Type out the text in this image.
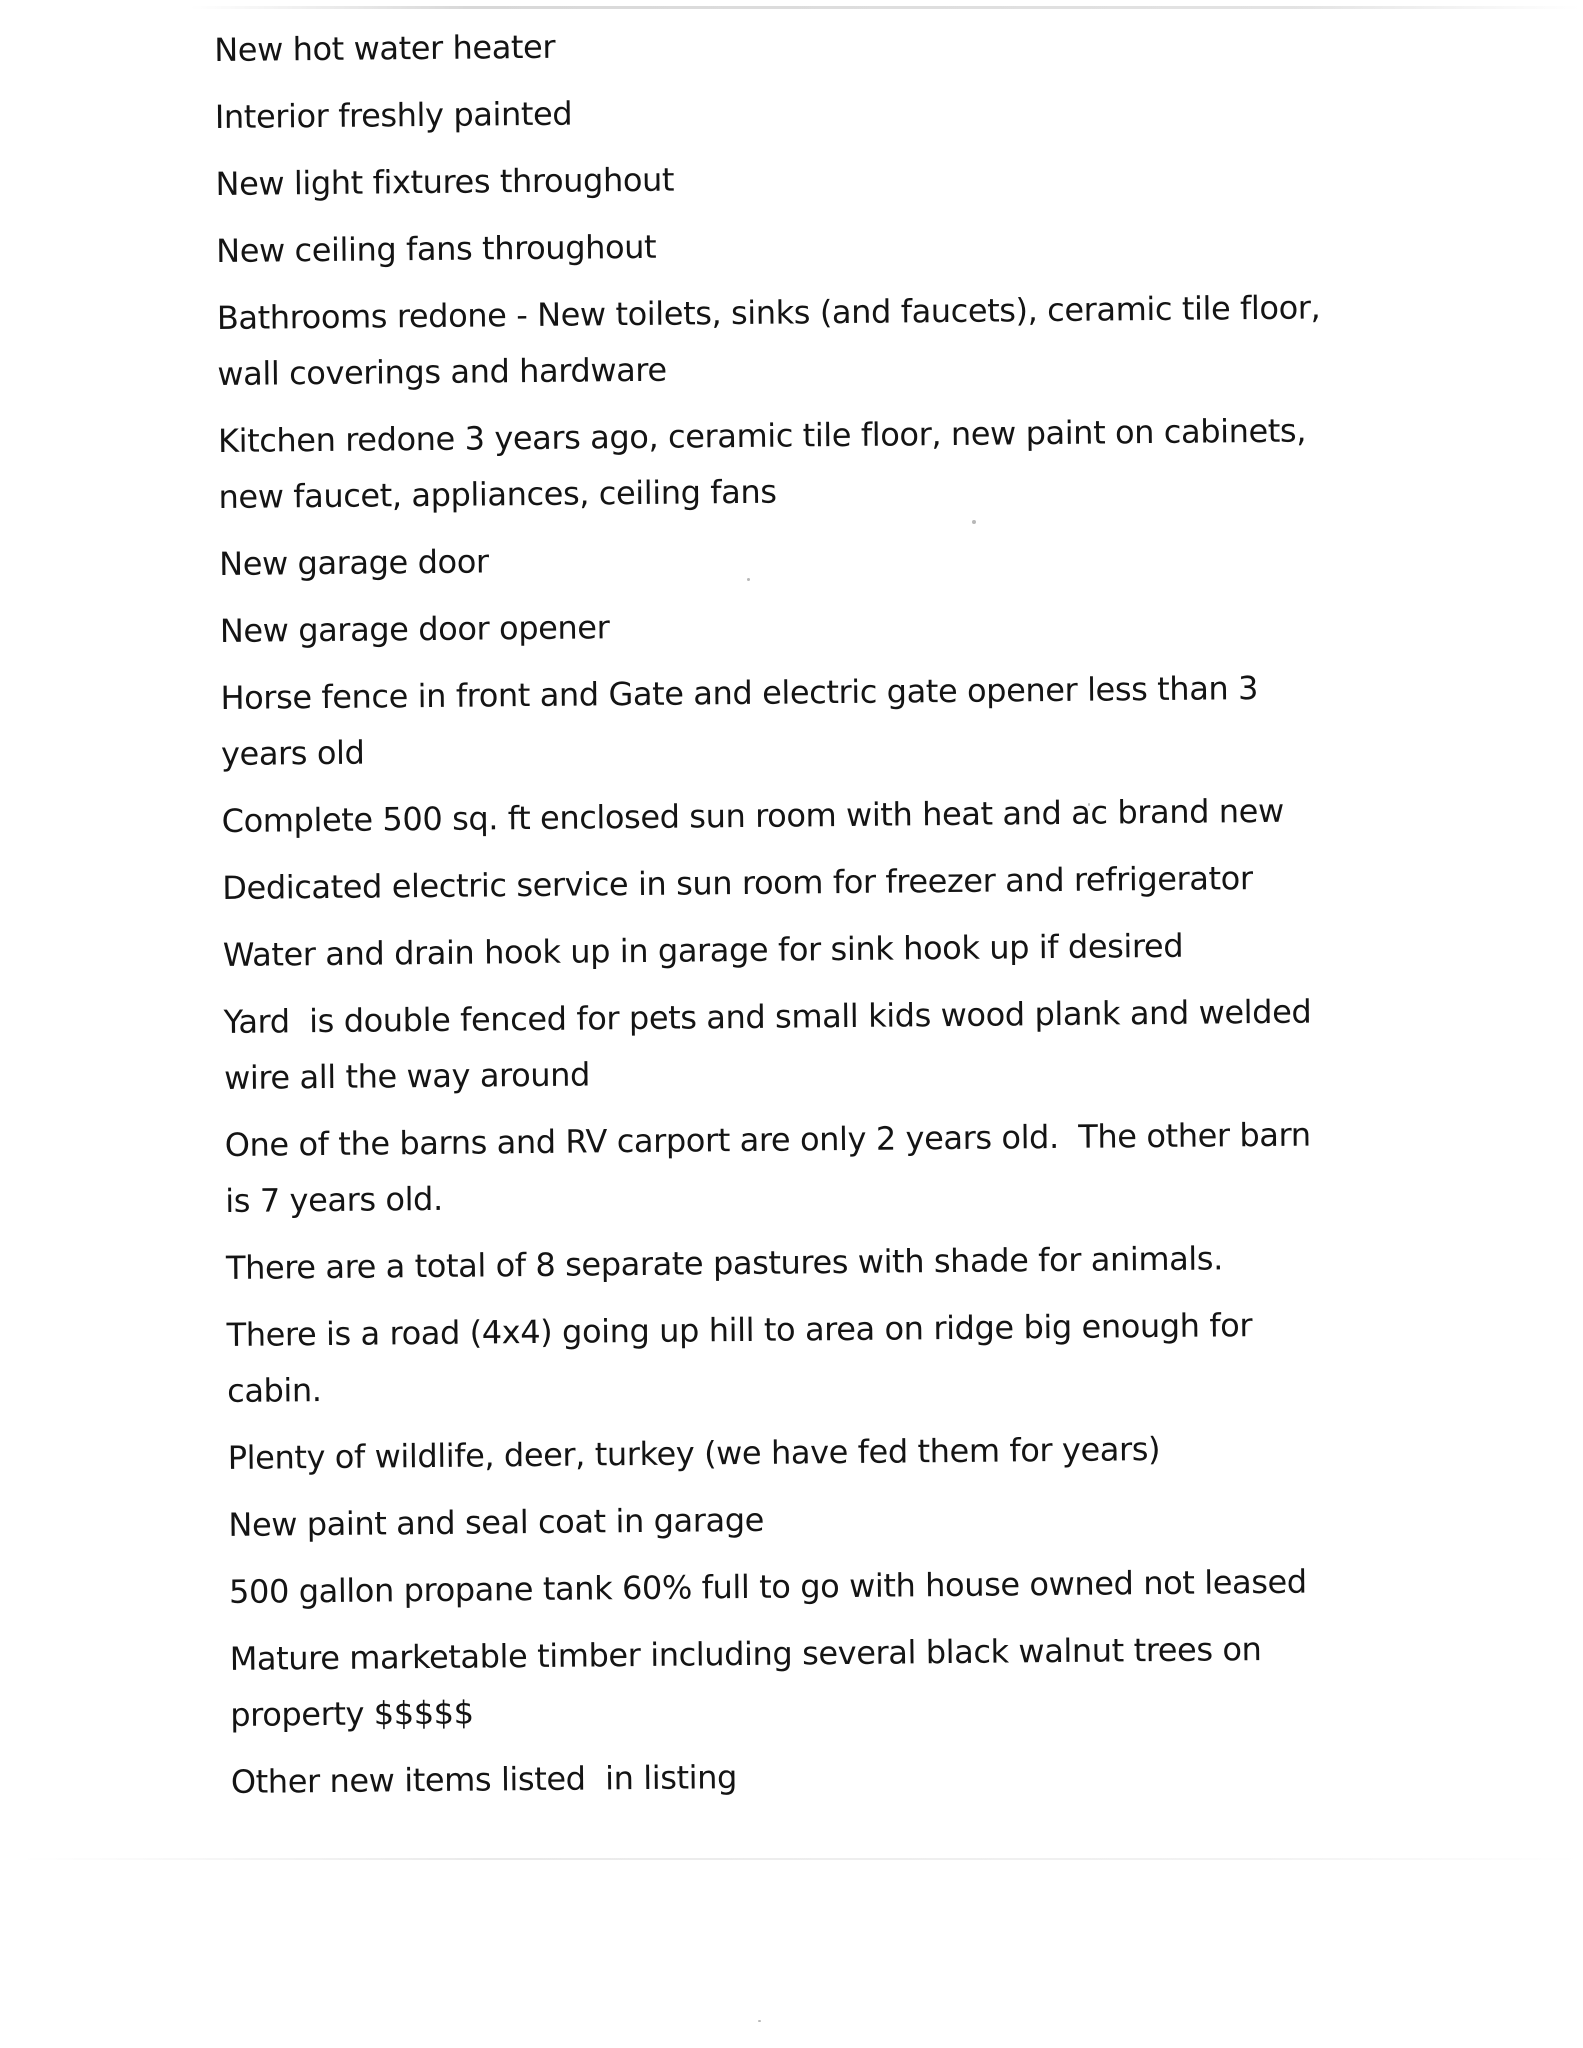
New hot water heater
Interior freshly painted
New light fixtures throughout
New ceiling fans throughout
Bathrooms redone - New toilets, sinks (and faucets), ceramic tile floor,
wall coverings and hardware
Kitchen redone 3 years ago, ceramic tile floor, new paint on cabinets,
new faucet, appliances, ceiling fans
New garage door
New garage door opener
Horse fence in front and Gate and electric gate opener less than 3
years old
Complete 500 sq. ft enclosed sun room with heat and ac brand new
Dedicated electric service in sun room for freezer and refrigerator
Water and drain hook up in garage for sink hook up if desired
Yard  is double fenced for pets and small kids wood plank and welded
wire all the way around
One of the barns and RV carport are only 2 years old.  The other barn
is 7 years old.
There are a total of 8 separate pastures with shade for animals.
There is a road (4x4) going up hill to area on ridge big enough for
cabin.
Plenty of wildlife, deer, turkey (we have fed them for years)
New paint and seal coat in garage
500 gallon propane tank 60% full to go with house owned not leased
Mature marketable timber including several black walnut trees on
property $$$$$
Other new items listed  in listing
